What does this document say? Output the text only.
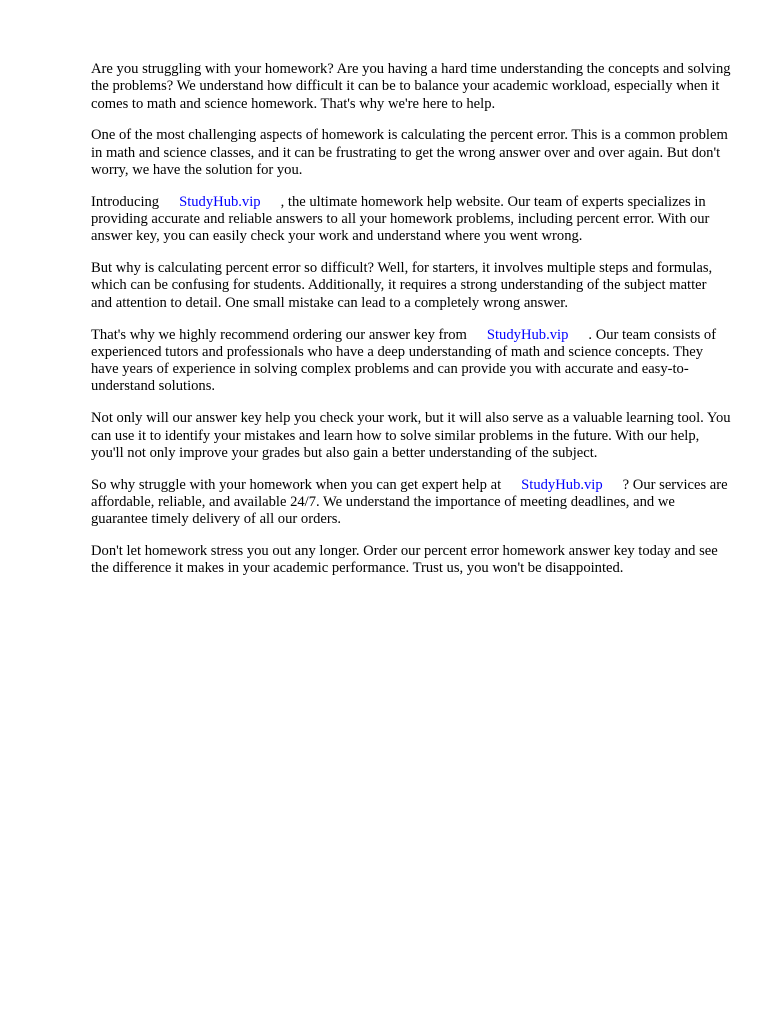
Are you struggling with your homework? Are you having a hard time understanding the concepts and solving the problems? We understand how difficult it can be to balance your academic workload, especially when it comes to math and science homework. That's why we're here to help.

One of the most challenging aspects of homework is calculating the percent error. This is a common problem in math and science classes, and it can be frustrating to get the wrong answer over and over again. But don't worry, we have the solution for you.

Introducing StudyHub.vip , the ultimate homework help website. Our team of experts specializes in providing accurate and reliable answers to all your homework problems, including percent error. With our answer key, you can easily check your work and understand where you went wrong.

But why is calculating percent error so difficult? Well, for starters, it involves multiple steps and formulas, which can be confusing for students. Additionally, it requires a strong understanding of the subject matter and attention to detail. One small mistake can lead to a completely wrong answer.

That's why we highly recommend ordering our answer key from StudyHub.vip . Our team consists of experienced tutors and professionals who have a deep understanding of math and science concepts. They have years of experience in solving complex problems and can provide you with accurate and easy-to-understand solutions.

Not only will our answer key help you check your work, but it will also serve as a valuable learning tool. You can use it to identify your mistakes and learn how to solve similar problems in the future. With our help, you'll not only improve your grades but also gain a better understanding of the subject.

So why struggle with your homework when you can get expert help at StudyHub.vip ? Our services are affordable, reliable, and available 24/7. We understand the importance of meeting deadlines, and we guarantee timely delivery of all our orders.

Don't let homework stress you out any longer. Order our percent error homework answer key today and see the difference it makes in your academic performance. Trust us, you won't be disappointed.
